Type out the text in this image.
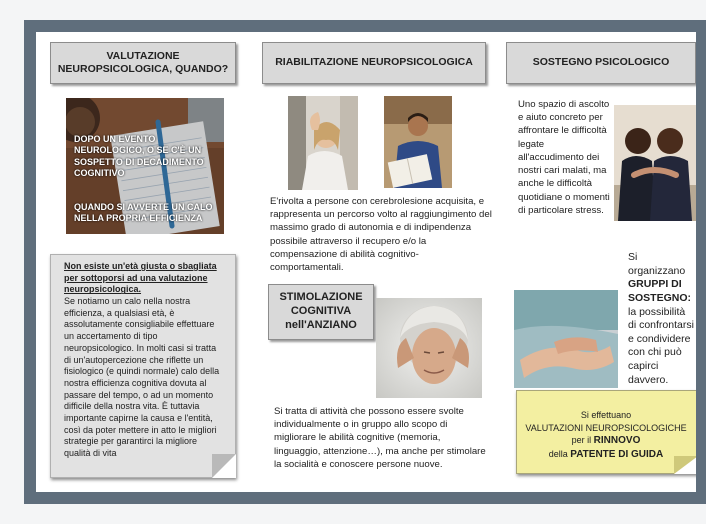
VALUTAZIONE NEUROPSICOLOGICA, QUANDO?
DOPO UN EVENTO NEUROLOGICO, O SE C'È UN SOSPETTO DI DECADIMENTO COGNITIVO
QUANDO SI AVVERTE UN CALO NELLA PROPRIA EFFICIENZA
Non esiste un'età giusta o sbagliata per sottoporsi ad una valutazione neuropsicologica.
Se notiamo un calo nella nostra efficienza, a qualsiasi età, è assolutamente consigliabile effettuare un accertamento di tipo neuropsicologico. In molti casi si tratta di un'autopercezione che riflette un fisiologico (e quindi normale) calo della nostra efficienza cognitiva dovuta al passare del tempo, o ad un momento difficile della nostra vita. È tuttavia importante capirne la causa e l'entità, così da poter mettere in atto le migliori strategie per garantirci la migliore qualità di vita
RIABILITAZIONE NEUROPSICOLOGICA
E'rivolta a persone con cerebrolesione acquisita, e rappresenta un percorso volto al raggiungimento del massimo grado di autonomia e di indipendenza possibile attraverso il recupero e/o la compensazione di abilità cognitivo-comportamentali.
STIMOLAZIONE
COGNITIVA
nell'ANZIANO
Si tratta di attività che possono essere svolte individualmente o in gruppo allo scopo di migliorare le abilità cognitive (memoria, linguaggio, attenzione…), ma anche per stimolare la socialità e conoscere persone nuove.
SOSTEGNO PSICOLOGICO
Uno spazio di ascolto e aiuto concreto per affrontare le difficoltà legate all'accudimento dei nostri cari malati, ma anche le difficoltà quotidiane o momenti di particolare stress.
Si organizzano
GRUPPI DI SOSTEGNO:
la possibilità di confrontarsi e condividere con chi può capirci davvero.
Si effettuano
VALUTAZIONI NEUROPSICOLOGICHE
per il RINNOVO
della PATENTE DI GUIDA
